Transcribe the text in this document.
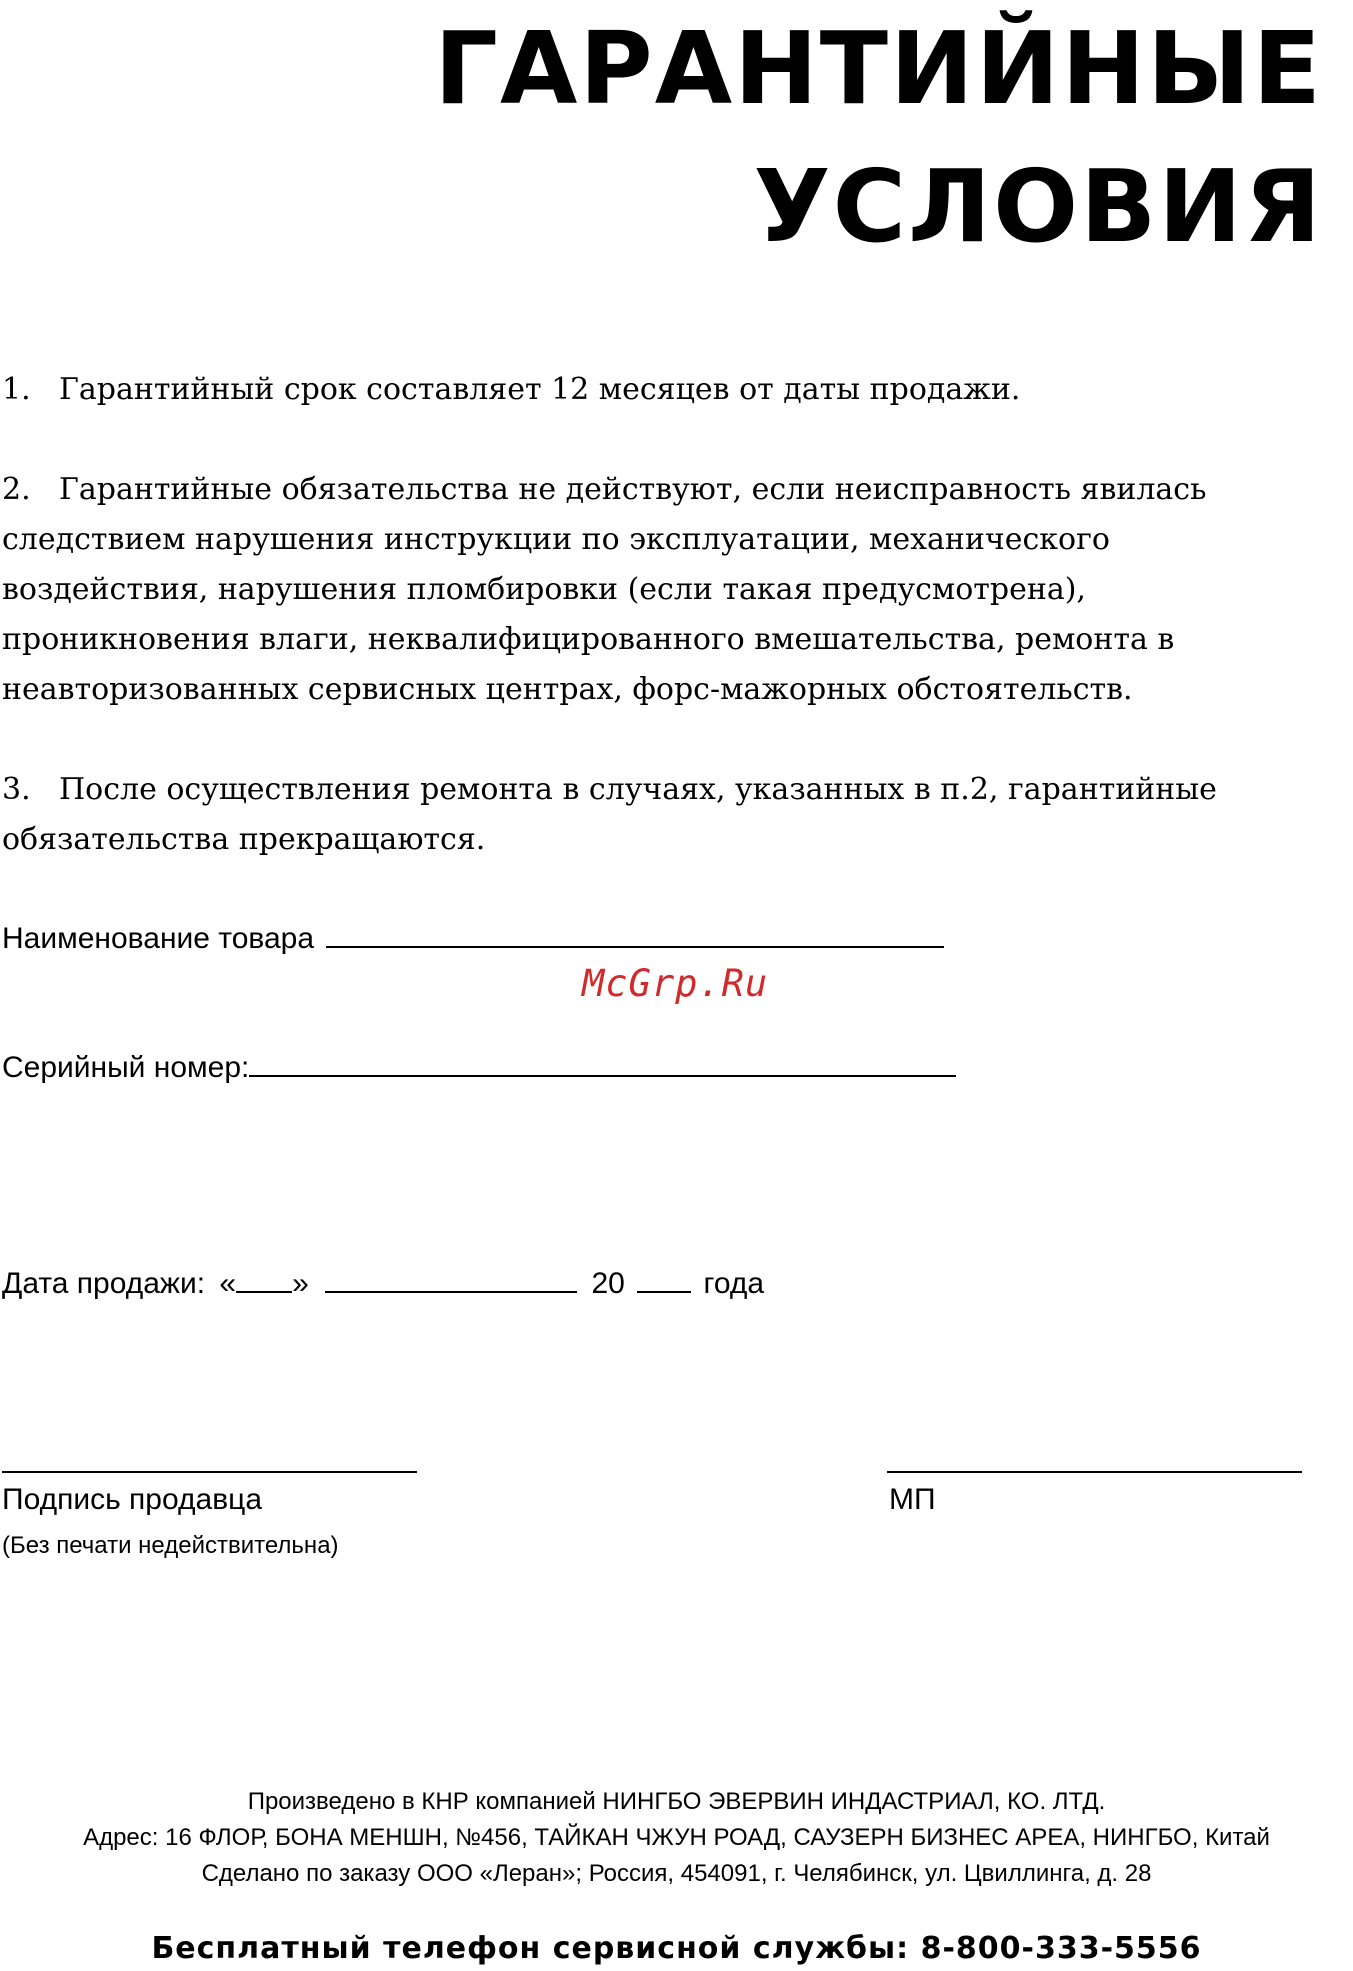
ГАРАНТИЙНЫЕ
УСЛОВИЯ

1. Гарантийный срок составляет 12 месяцев от даты продажи.

2. Гарантийные обязательства не действуют, если неисправность явилась следствием нарушения инструкции по эксплуатации, механического воздействия, нарушения пломбировки (если такая предусмотрена), проникновения влаги, неквалифицированного вмешательства, ремонта в неавторизованных сервисных центрах, форс-мажорных обстоятельств.

3. После осуществления ремонта в случаях, указанных в п.2, гарантийные обязательства прекращаются.

Наименование товара
McGrp.Ru
Серийный номер:
Дата продажи: « »	20	года
Подпись продавца
(Без печати недействительна)
МП
Произведено в КНР компанией НИНГБО ЭВЕРВИН ИНДАСТРИАЛ, КО. ЛТД.
Адрес: 16 ФЛОР, БОНА МЕНШН, №456, ТАЙКАН ЧЖУН РОАД, САУЗЕРН БИЗНЕС АРЕА, НИНГБО, Китай
Сделано по заказу ООО «Леран»; Россия, 454091, г. Челябинск, ул. Цвиллинга, д. 28
Бесплатный телефон сервисной службы: 8-800-333-5556
